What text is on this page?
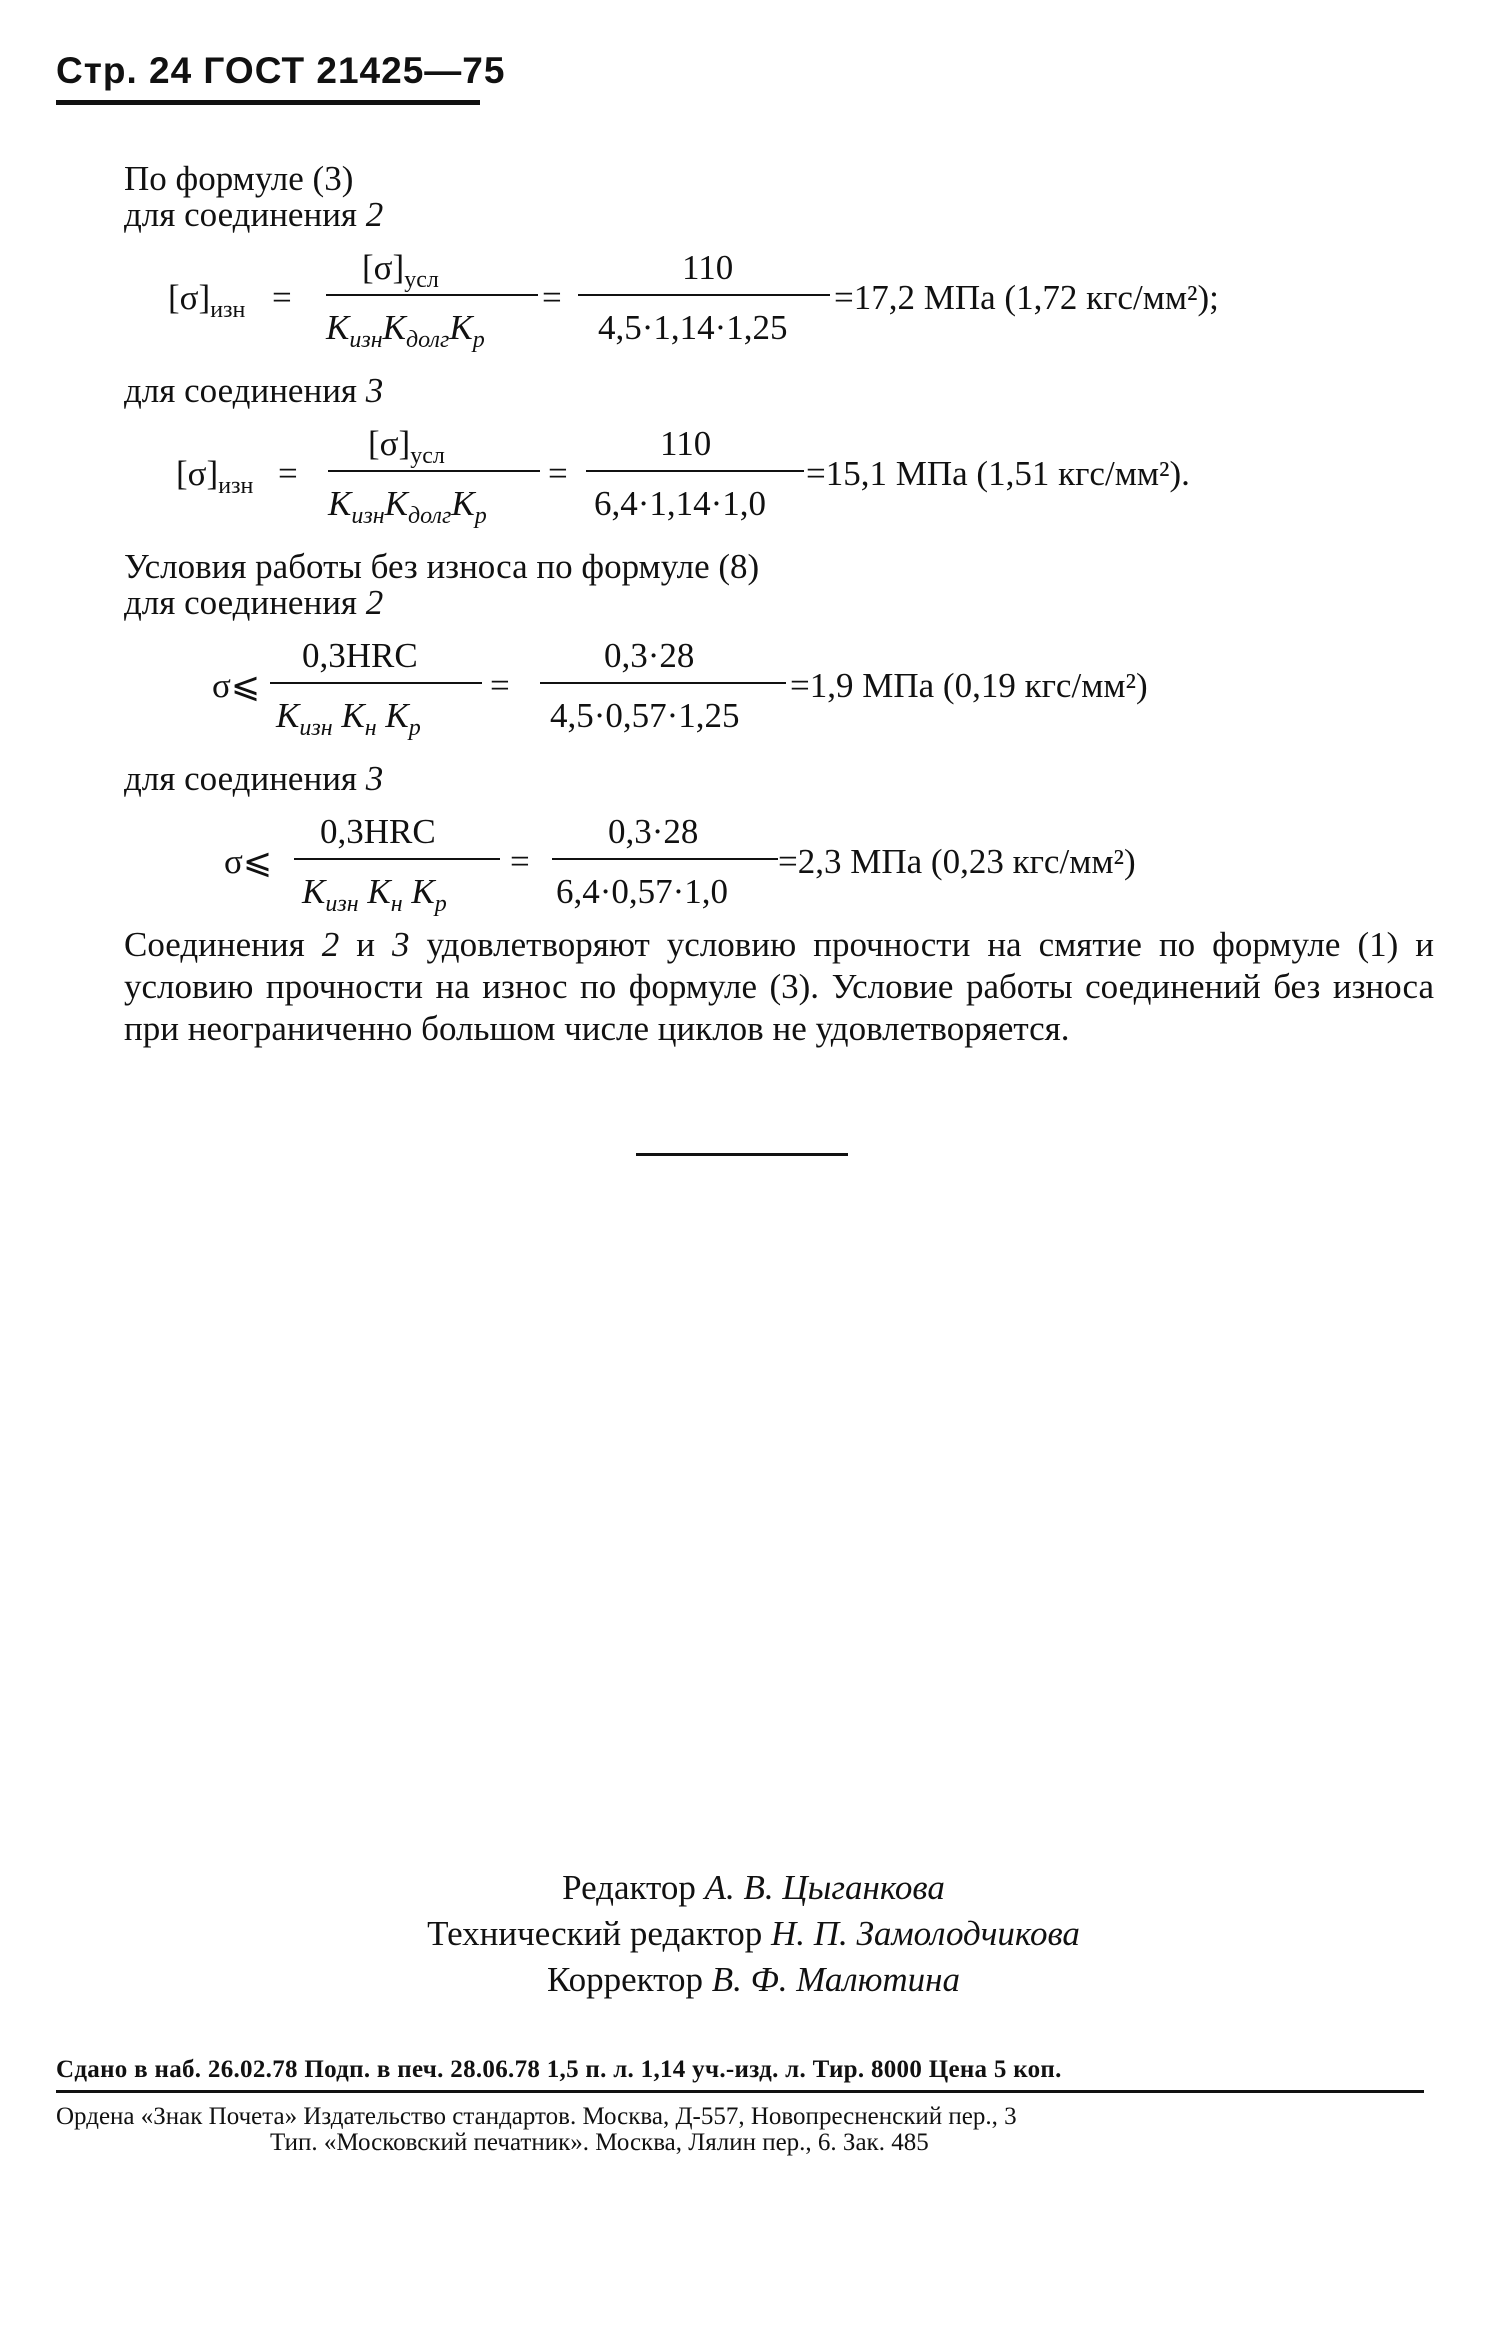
Стр. 24 ГОСТ 21425—75
По формуле (3)
для соединения 2
$[\sigma]_{изн}$ =
$[\sigma]_{усл}$
$K_{изн}K_{долг}K_р$
=
110
4,5·1,14·1,25
=17,2 МПа (1,72 кгс/мм²);
для соединения 3
$[\sigma]_{изн}$ =
$[\sigma]_{усл}$
$K_{изн}K_{долг}K_р$
=
110
6,4·1,14·1,0
=15,1 МПа (1,51 кгс/мм²).
Условия работы без износа по формуле (8)
для соединения 2
σ⩽
0,3HRC
$K_{изн}$ $K_н$ $K_р$
=
0,3·28
4,5·0,57·1,25
=1,9 МПа (0,19 кгс/мм²)
для соединения 3
σ⩽
0,3HRC
$K_{изн}$ $K_н$ $K_р$
=
0,3·28
6,4·0,57·1,0
=2,3 МПа (0,23 кгс/мм²)
Соединения 2 и 3 удовлетворяют условию прочности на смятие по формуле (1) и условию прочности на износ по формуле (3). Условие работы соединений без износа при неограниченно большом числе циклов не удовлетворяется.
Редактор А. В. Цыганкова
Технический редактор Н. П. Замолодчикова
Корректор В. Ф. Малютина
Сдано в наб. 26.02.78 Подп. в печ. 28.06.78 1,5 п. л. 1,14 уч.-изд. л. Тир. 8000 Цена 5 коп.
Ордена «Знак Почета» Издательство стандартов. Москва, Д-557, Новопресненский пер., 3
Тип. «Московский печатник». Москва, Лялин пер., 6. Зак. 485
